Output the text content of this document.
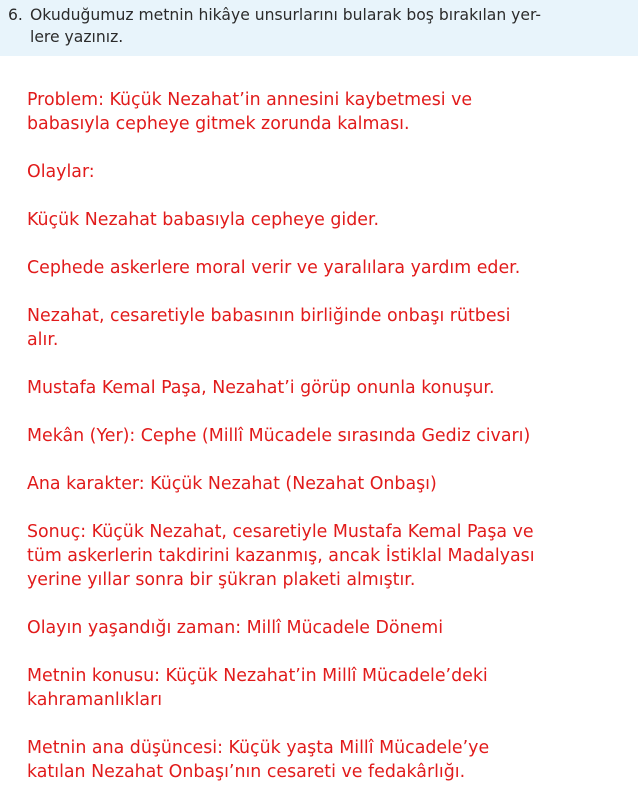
6. Okuduğumuz metnin hikâye unsurlarını bularak boş bırakılan yer-
lere yazınız.
Problem: Küçük Nezahat’in annesini kaybetmesi ve
babasıyla cepheye gitmek zorunda kalması.
Olaylar:
Küçük Nezahat babasıyla cepheye gider.
Cephede askerlere moral verir ve yaralılara yardım eder.
Nezahat, cesaretiyle babasının birliğinde onbaşı rütbesi
alır.
Mustafa Kemal Paşa, Nezahat’i görüp onunla konuşur.
Mekân (Yer): Cephe (Millî Mücadele sırasında Gediz civarı)
Ana karakter: Küçük Nezahat (Nezahat Onbaşı)
Sonuç: Küçük Nezahat, cesaretiyle Mustafa Kemal Paşa ve
tüm askerlerin takdirini kazanmış, ancak İstiklal Madalyası
yerine yıllar sonra bir şükran plaketi almıştır.
Olayın yaşandığı zaman: Millî Mücadele Dönemi
Metnin konusu: Küçük Nezahat’in Millî Mücadele’deki
kahramanlıkları
Metnin ana düşüncesi: Küçük yaşta Millî Mücadele’ye
katılan Nezahat Onbaşı’nın cesareti ve fedakârlığı.
